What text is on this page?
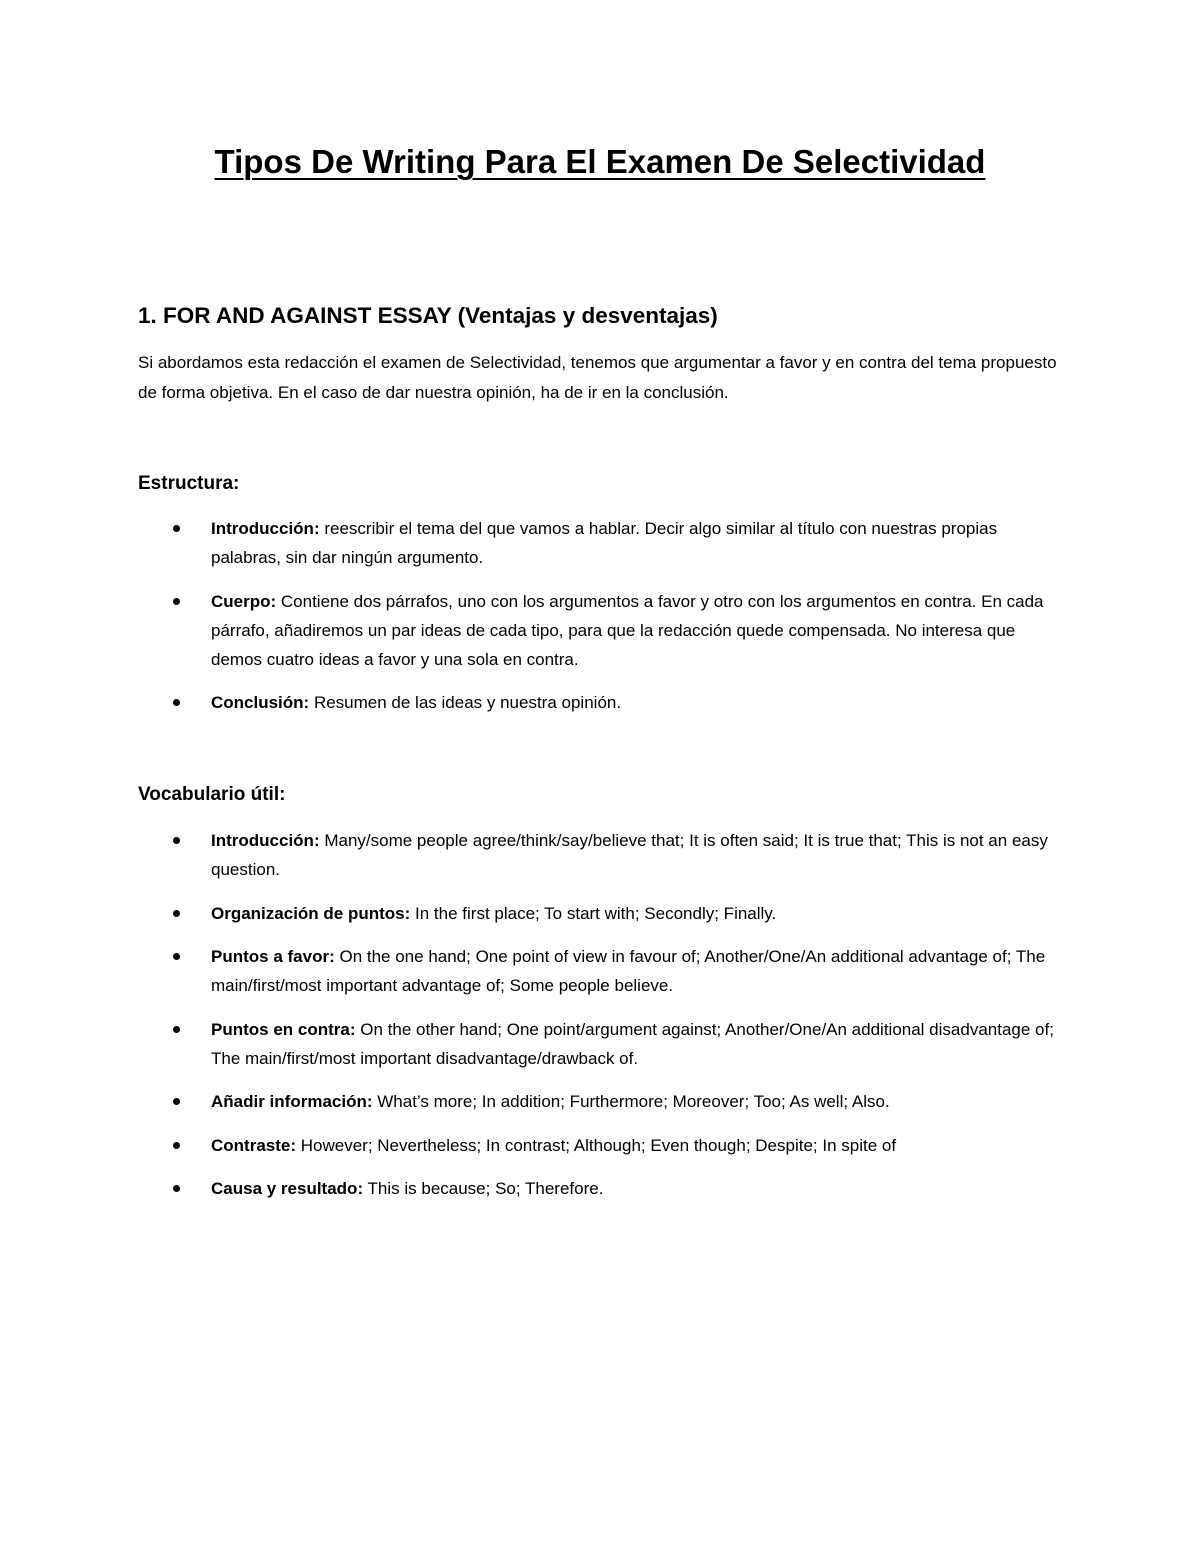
Tipos De Writing Para El Examen De Selectividad
1. FOR AND AGAINST ESSAY (Ventajas y desventajas)

Si abordamos esta redacción el examen de Selectividad, tenemos que argumentar a favor y en contra del tema propuesto de forma objetiva. En el caso de dar nuestra opinión, ha de ir en la conclusión.

Estructura:
Introducción: reescribir el tema del que vamos a hablar. Decir algo similar al título con nuestras propias palabras, sin dar ningún argumento.
Cuerpo: Contiene dos párrafos, uno con los argumentos a favor y otro con los argumentos en contra. En cada párrafo, añadiremos un par ideas de cada tipo, para que la redacción quede compensada. No interesa que demos cuatro ideas a favor y una sola en contra.
Conclusión: Resumen de las ideas y nuestra opinión.
Vocabulario útil:
Introducción: Many/some people agree/think/say/believe that; It is often said; It is true that; This is not an easy question.
Organización de puntos: In the first place; To start with; Secondly; Finally.
Puntos a favor: On the one hand; One point of view in favour of; Another/One/An additional advantage of; The main/first/most important advantage of; Some people believe.
Puntos en contra: On the other hand; One point/argument against; Another/One/An additional disadvantage of; The main/first/most important disadvantage/drawback of.
Añadir información: What’s more; In addition; Furthermore; Moreover; Too; As well; Also.
Contraste: However; Nevertheless; In contrast; Although; Even though; Despite; In spite of
Causa y resultado: This is because; So; Therefore.
